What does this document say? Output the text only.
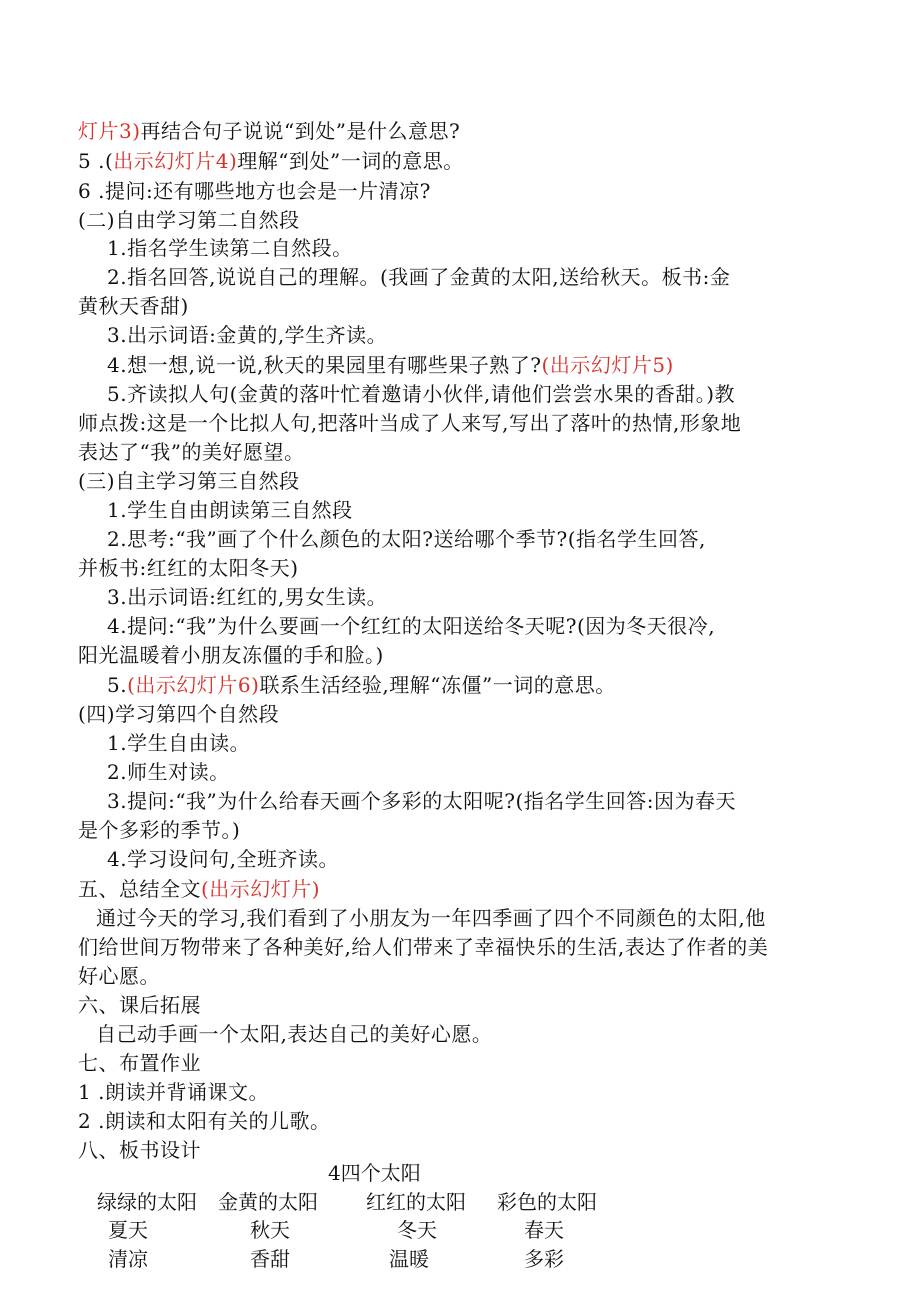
灯片3)再结合句子说说“到处”是什么意思?
5 .(出示幻灯片4)理解“到处”一词的意思。
6 .提问:还有哪些地方也会是一片清凉?
(二)自由学习第二自然段
1.指名学生读第二自然段。
2.指名回答,说说自己的理解。(我画了金黄的太阳,送给秋天。板书:金
黄秋天香甜)
3.出示词语:金黄的,学生齐读。
4.想一想,说一说,秋天的果园里有哪些果子熟了?(出示幻灯片5)
5.齐读拟人句(金黄的落叶忙着邀请小伙伴,请他们尝尝水果的香甜。)教
师点拨:这是一个比拟人句,把落叶当成了人来写,写出了落叶的热情,形象地
表达了“我”的美好愿望。
(三)自主学习第三自然段
1.学生自由朗读第三自然段
2.思考:“我”画了个什么颜色的太阳?送给哪个季节?(指名学生回答,
并板书:红红的太阳冬天)
3.出示词语:红红的,男女生读。
4.提问:“我”为什么要画一个红红的太阳送给冬天呢?(因为冬天很冷,
阳光温暖着小朋友冻僵的手和脸。)
5.(出示幻灯片6)联系生活经验,理解“冻僵”一词的意思。
(四)学习第四个自然段
1.学生自由读。
2.师生对读。
3.提问:“我”为什么给春天画个多彩的太阳呢?(指名学生回答:因为春天
是个多彩的季节。)
4.学习设问句,全班齐读。
五、总结全文(出示幻灯片)
通过今天的学习,我们看到了小朋友为一年四季画了四个不同颜色的太阳,他
们给世间万物带来了各种美好,给人们带来了幸福快乐的生活,表达了作者的美
好心愿。
六、课后拓展
自己动手画一个太阳,表达自己的美好心愿。
七、布置作业
1 .朗读并背诵课文。
2 .朗读和太阳有关的儿歌。
八、板书设计
4四个太阳
绿绿的太阳 金黄的太阳 红红的太阳 彩色的太阳
夏天	秋天	冬天	春天
清凉	香甜	温暖	多彩
